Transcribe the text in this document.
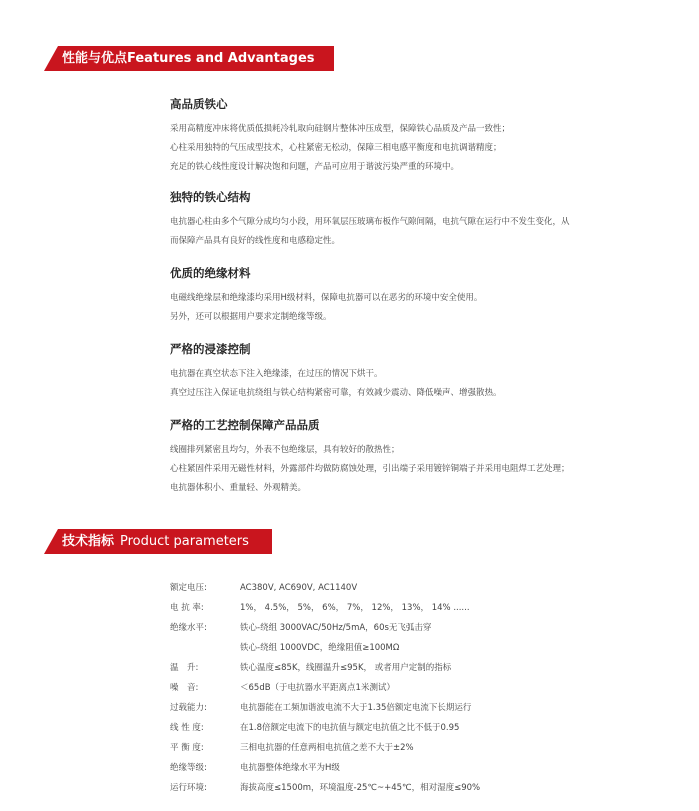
性能与优点Features and Advantages
高品质铁心

采用高精度冲床将优质低损耗冷轧取向硅钢片整体冲压成型，保障铁心品质及产品一致性；

心柱采用独特的气压成型技术，心柱紧密无松动，保障三相电感平衡度和电抗调谐精度；

充足的铁心线性度设计解决饱和问题，产品可应用于谐波污染严重的环境中。

独特的铁心结构

电抗器心柱由多个气隙分成均匀小段，用环氧层压玻璃布板作气隙间隔，电抗气隙在运行中不发生变化，从

而保障产品具有良好的线性度和电感稳定性。

优质的绝缘材料

电磁线绝缘层和绝缘漆均采用H级材料，保障电抗器可以在恶劣的环境中安全使用。

另外，还可以根据用户要求定制绝缘等级。

严格的浸漆控制

电抗器在真空状态下注入绝缘漆，在过压的情况下烘干。

真空过压注入保证电抗绕组与铁心结构紧密可靠，有效减少震动、降低噪声、增强散热。

严格的工艺控制保障产品品质

线圈排列紧密且均匀，外表不包绝缘层，具有较好的散热性；

心柱紧固件采用无磁性材料，外露部件均做防腐蚀处理，引出端子采用镀锌铜端子并采用电阻焊工艺处理；

电抗器体积小、重量轻、外观精美。

技术指标 Product parameters
额定电压:	AC380V, AC690V, AC1140V
电 抗 率:	1%， 4.5%， 5%， 6%， 7%， 12%， 13%， 14% ......
绝缘水平:	铁心-绕组 3000VAC/50Hz/5mA，60s无飞弧击穿
铁心-绕组 1000VDC，绝缘阻值≥100MΩ
温　升:	铁心温度≤85K，线圈温升≤95K， 或者用户定制的指标
噪　音:	＜65dB（于电抗器水平距离点1米测试）
过载能力:	电抗器能在工频加谐波电流不大于1.35倍额定电流下长期运行
线 性 度:	在1.8倍额定电流下的电抗值与额定电抗值之比不低于0.95
平 衡 度:	三相电抗器的任意两相电抗值之差不大于±2%
绝缘等级:	电抗器整体绝缘水平为H级
运行环境:	海拔高度≤1500m，环境温度-25℃~+45℃，相对湿度≤90%
